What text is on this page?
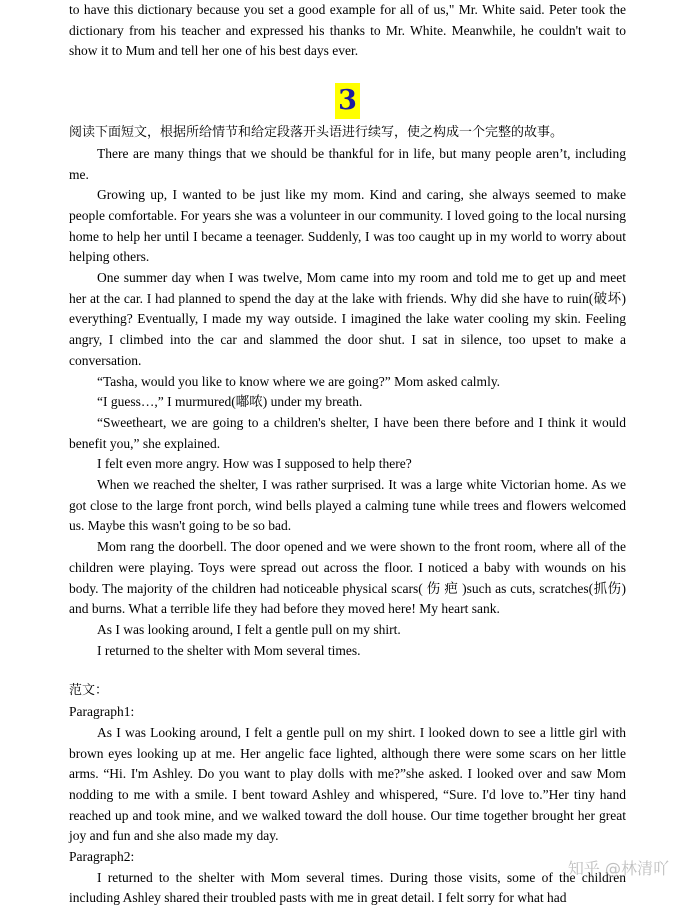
to have this dictionary because you set a good example for all of us," Mr. White said. Peter took the dictionary from his teacher and expressed his thanks to Mr. White. Meanwhile, he couldn't wait to show it to Mum and tell her one of his best days ever.

3

阅读下面短文，根据所给情节和给定段落开头语进行续写，使之构成一个完整的故事。

There are many things that we should be thankful for in life, but many people aren’t, including me.

Growing up, I wanted to be just like my mom. Kind and caring, she always seemed to make people comfortable. For years she was a volunteer in our community. I loved going to the local nursing home to help her until I became a teenager. Suddenly, I was too caught up in my world to worry about helping others.

One summer day when I was twelve, Mom came into my room and told me to get up and meet her at the car. I had planned to spend the day at the lake with friends. Why did she have to ruin(破坏) everything? Eventually, I made my way outside. I imagined the lake water cooling my skin. Feeling angry, I climbed into the car and slammed the door shut. I sat in silence, too upset to make a conversation.

“Tasha, would you like to know where we are going?” Mom asked calmly.

“I guess…,” I murmured(嘟哝) under my breath.

“Sweetheart, we are going to a children's shelter, I have been there before and I think it would benefit you,” she explained.

I felt even more angry. How was I supposed to help there?

When we reached the shelter, I was rather surprised. It was a large white Victorian home. As we got close to the large front porch, wind bells played a calming tune while trees and flowers welcomed us. Maybe this wasn't going to be so bad.

Mom rang the doorbell. The door opened and we were shown to the front room, where all of the children were playing. Toys were spread out across the floor. I noticed a baby with wounds on his body. The majority of the children had noticeable physical scars( 伤 疤 )such as cuts, scratches(抓伤) and burns. What a terrible life they had before they moved here! My heart sank.

As I was looking around, I felt a gentle pull on my shirt.

I returned to the shelter with Mom several times.

范文：

Paragraph1:

As I was Looking around, I felt a gentle pull on my shirt. I looked down to see a little girl with brown eyes looking up at me. Her angelic face lighted, although there were some scars on her little arms. “Hi. I'm Ashley. Do you want to play dolls with me?”she asked. I looked over and saw Mom nodding to me with a smile. I bent toward Ashley and whispered, “Sure. I'd love to.”Her tiny hand reached up and took mine, and we walked toward the doll house. Our time together brought her great joy and fun and she also made my day.

Paragraph2:

I returned to the shelter with Mom several times. During those visits, some of the children including Ashley shared their troubled pasts with me in great detail. I felt sorry for what had

知乎 @林清吖
